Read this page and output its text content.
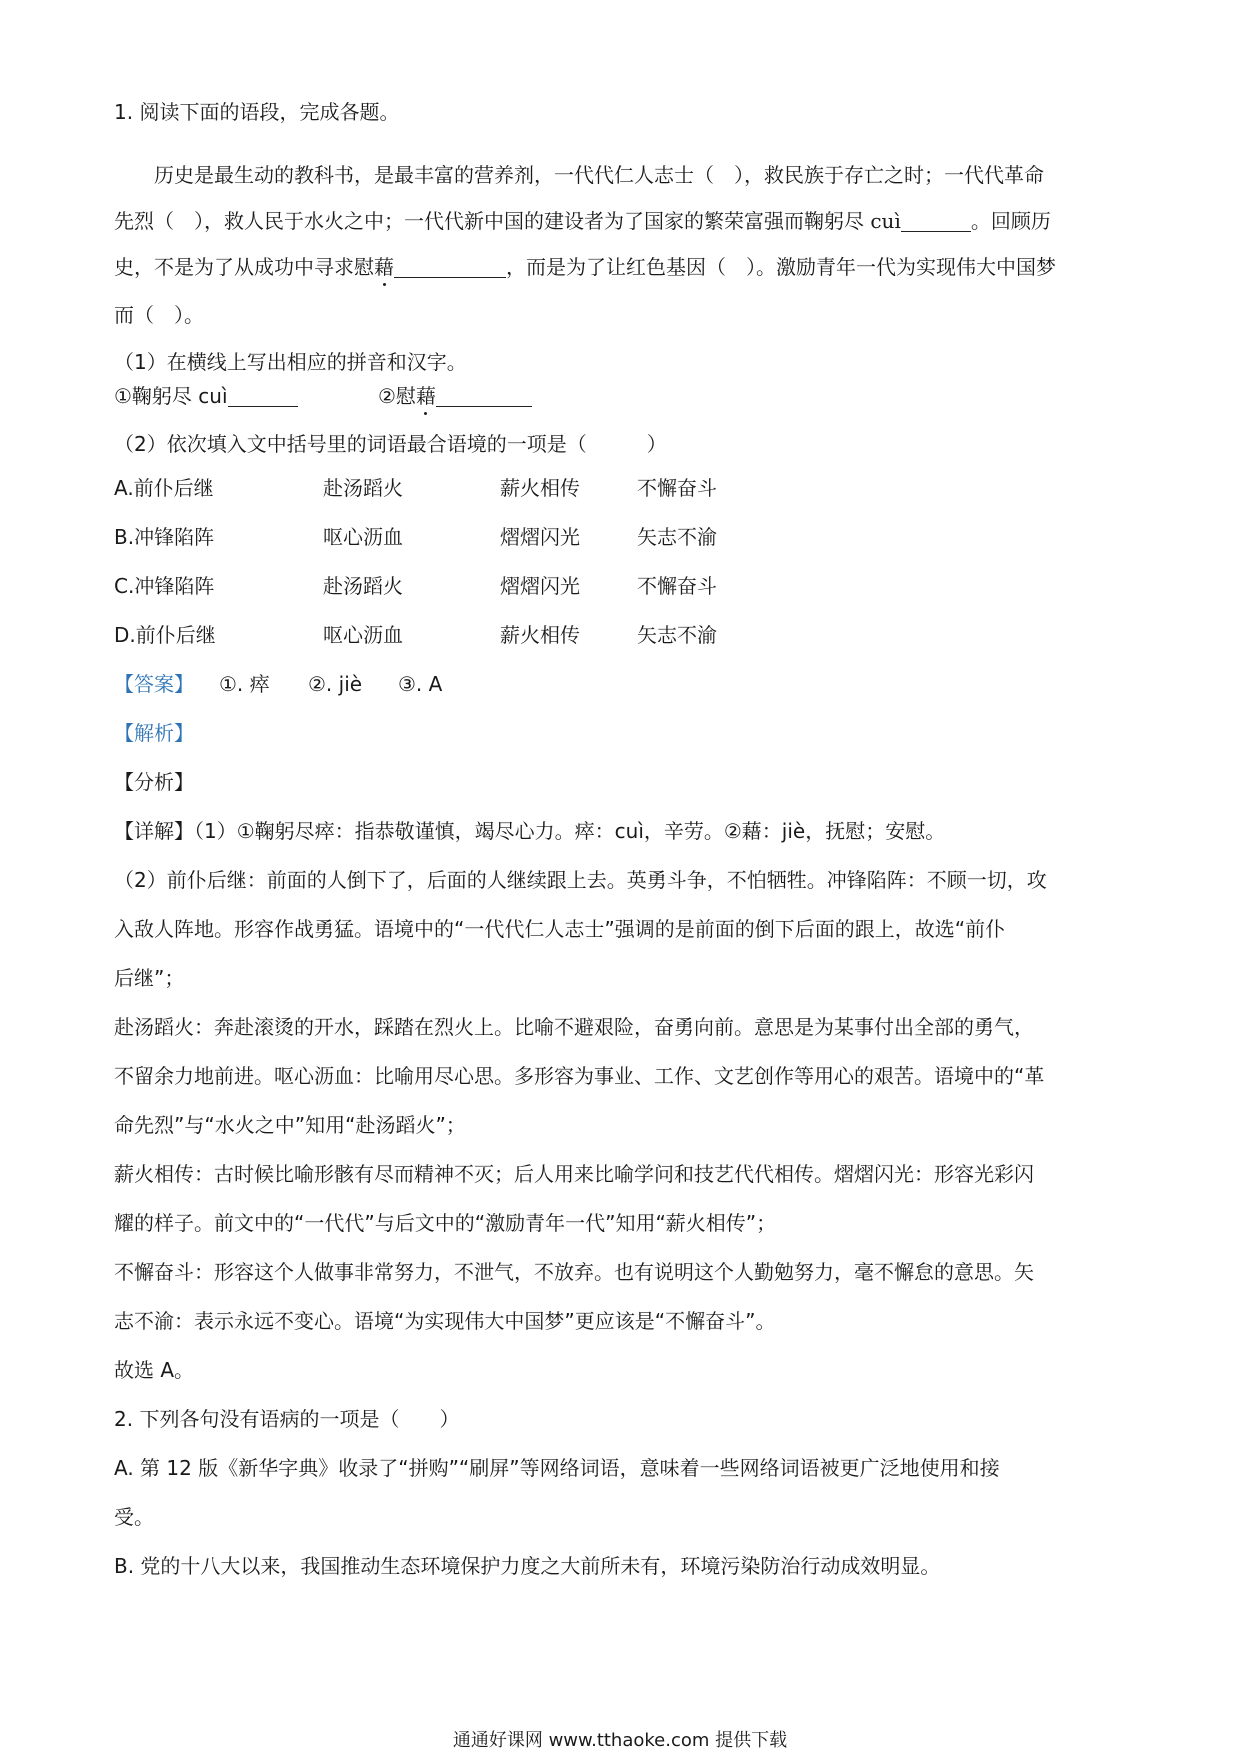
1. 阅读下面的语段，完成各题。

历史是最生动的教科书，是最丰富的营养剂，一代代仁人志士（　），救民族于存亡之时；一代代革命

先烈（　），救人民于水火之中；一代代新中国的建设者为了国家的繁荣富强而鞠躬尽 cuì	。回顾历

史，不是为了从成功中寻求慰藉	，而是为了让红色基因（　）。激励青年一代为实现伟大中国梦

而（　）。

（1）在横线上写出相应的拼音和汉字。

①鞠躬尽 cuì	②慰藉

（2）依次填入文中括号里的词语最合语境的一项是（　　　）

A.前仆后继	赴汤蹈火	薪火相传	不懈奋斗
B.冲锋陷阵	呕心沥血	熠熠闪光	矢志不渝
C.冲锋陷阵	赴汤蹈火	熠熠闪光	不懈奋斗
D.前仆后继	呕心沥血	薪火相传	矢志不渝
【答案】 ①. 瘁 ②. jiè ③. A

【解析】

【分析】

【详解】（1）①鞠躬尽瘁：指恭敬谨慎，竭尽心力。瘁：cuì，辛劳。②藉：jiè，抚慰；安慰。

（2）前仆后继：前面的人倒下了，后面的人继续跟上去。英勇斗争，不怕牺牲。冲锋陷阵：不顾一切，攻

入敌人阵地。形容作战勇猛。语境中的“一代代仁人志士”强调的是前面的倒下后面的跟上，故选“前仆

后继”；

赴汤蹈火：奔赴滚烫的开水，踩踏在烈火上。比喻不避艰险，奋勇向前。意思是为某事付出全部的勇气，

不留余力地前进。呕心沥血：比喻用尽心思。多形容为事业、工作、文艺创作等用心的艰苦。语境中的“革

命先烈”与“水火之中”知用“赴汤蹈火”；

薪火相传：古时候比喻形骸有尽而精神不灭；后人用来比喻学问和技艺代代相传。熠熠闪光：形容光彩闪

耀的样子。前文中的“一代代”与后文中的“激励青年一代”知用“薪火相传”；

不懈奋斗：形容这个人做事非常努力，不泄气，不放弃。也有说明这个人勤勉努力，毫不懈怠的意思。矢

志不渝：表示永远不变心。语境“为实现伟大中国梦”更应该是“不懈奋斗”。

故选 A。

2. 下列各句没有语病的一项是（　　）

A. 第 12 版《新华字典》收录了“拼购”“刷屏”等网络词语，意味着一些网络词语被更广泛地使用和接

受。

B. 党的十八大以来，我国推动生态环境保护力度之大前所未有，环境污染防治行动成效明显。

通通好课网 www.tthaoke.com 提供下载
